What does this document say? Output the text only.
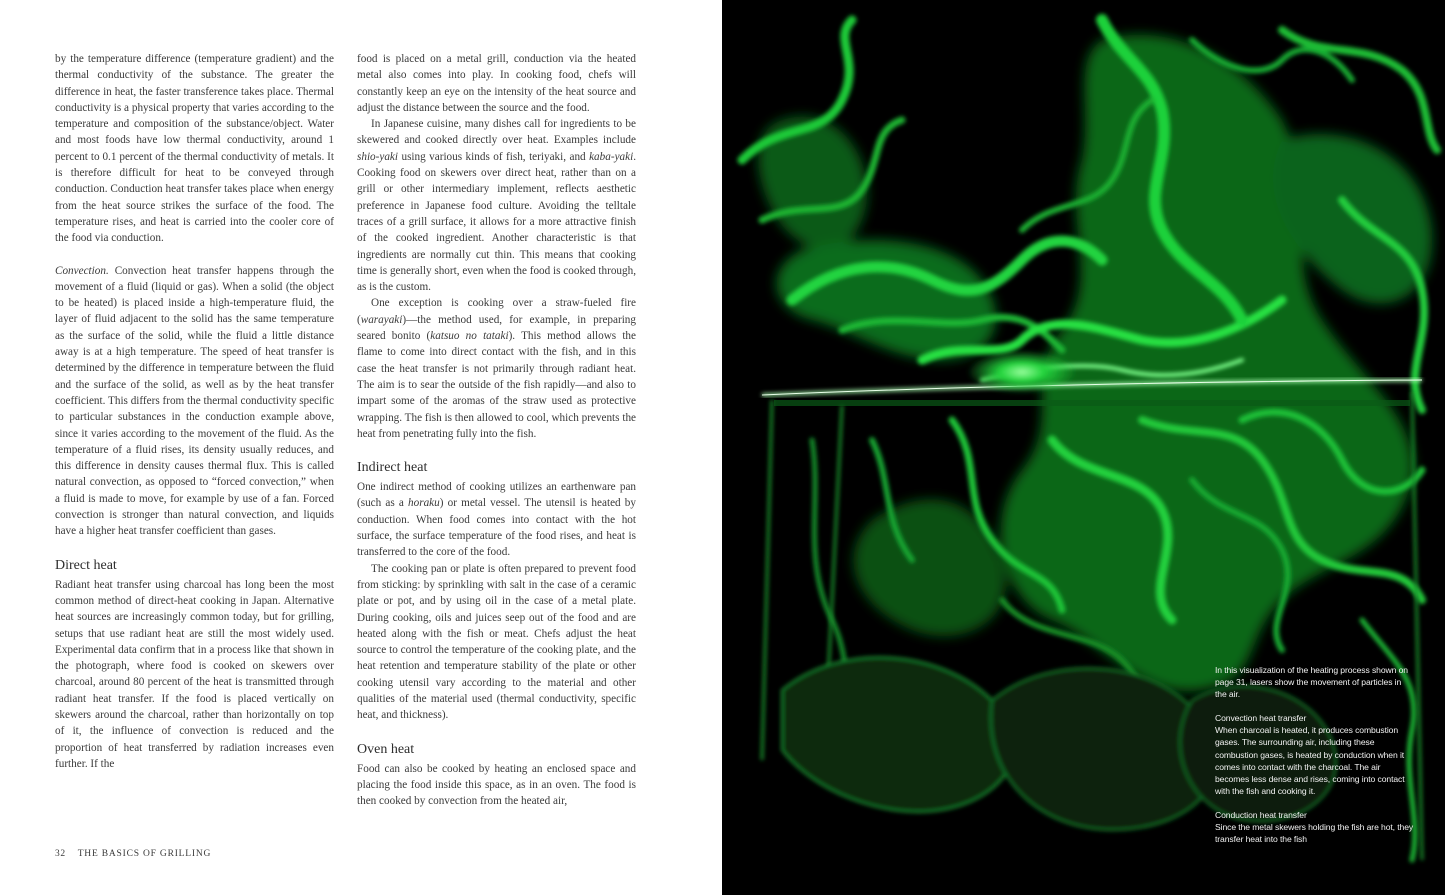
by the temperature difference (temperature gradient) and the thermal conductivity of the substance. The greater the difference in heat, the faster transference takes place. Thermal conductivity is a physical property that varies according to the temperature and composition of the substance/object. Water and most foods have low thermal conductivity, around 1 percent to 0.1 percent of the thermal conductivity of metals. It is therefore difficult for heat to be conveyed through conduction. Conduction heat transfer takes place when energy from the heat source strikes the surface of the food. The temperature rises, and heat is carried into the cooler core of the food via conduction.

Convection. Convection heat transfer happens through the movement of a fluid (liquid or gas). When a solid (the object to be heated) is placed inside a high-temperature fluid, the layer of fluid adjacent to the solid has the same temperature as the surface of the solid, while the fluid a little distance away is at a high temperature. The speed of heat transfer is determined by the difference in temperature between the fluid and the surface of the solid, as well as by the heat transfer coefficient. This differs from the thermal conductivity specific to particular substances in the conduction example above, since it varies according to the movement of the fluid. As the temperature of a fluid rises, its density usually reduces, and this difference in density causes thermal flux. This is called natural convection, as opposed to “forced convection,” when a fluid is made to move, for example by use of a fan. Forced convection is stronger than natural convection, and liquids have a higher heat transfer coefficient than gases.

Direct heat

Radiant heat transfer using charcoal has long been the most common method of direct-heat cooking in Japan. Alternative heat sources are increasingly common today, but for grilling, setups that use radiant heat are still the most widely used. Experimental data confirm that in a process like that shown in the photograph, where food is cooked on skewers over charcoal, around 80 percent of the heat is transmitted through radiant heat transfer. If the food is placed vertically on skewers around the charcoal, rather than horizontally on top of it, the influence of convection is reduced and the proportion of heat transferred by radiation increases even further. If the

food is placed on a metal grill, conduction via the heated metal also comes into play. In cooking food, chefs will constantly keep an eye on the intensity of the heat source and adjust the distance between the source and the food.

In Japanese cuisine, many dishes call for ingredients to be skewered and cooked directly over heat. Examples include shio-yaki using various kinds of fish, teriyaki, and kaba-yaki. Cooking food on skewers over direct heat, rather than on a grill or other intermediary implement, reflects aesthetic preference in Japanese food culture. Avoiding the telltale traces of a grill surface, it allows for a more attractive finish of the cooked ingredient. Another characteristic is that ingredients are normally cut thin. This means that cooking time is generally short, even when the food is cooked through, as is the custom.

One exception is cooking over a straw-fueled fire (warayaki)—the method used, for example, in preparing seared bonito (katsuo no tataki). This method allows the flame to come into direct contact with the fish, and in this case the heat transfer is not primarily through radiant heat. The aim is to sear the outside of the fish rapidly—and also to impart some of the aromas of the straw used as protective wrapping. The fish is then allowed to cool, which prevents the heat from penetrating fully into the fish.

Indirect heat

One indirect method of cooking utilizes an earthenware pan (such as a horaku) or metal vessel. The utensil is heated by conduction. When food comes into contact with the hot surface, the surface temperature of the food rises, and heat is transferred to the core of the food.

The cooking pan or plate is often prepared to prevent food from sticking: by sprinkling with salt in the case of a ceramic plate or pot, and by using oil in the case of a metal plate. During cooking, oils and juices seep out of the food and are heated along with the fish or meat. Chefs adjust the heat source to control the temperature of the cooking plate, and the heat retention and temperature stability of the plate or other cooking utensil vary according to the material and other qualities of the material used (thermal conductivity, specific heat, and thickness).

Oven heat

Food can also be cooked by heating an enclosed space and placing the food inside this space, as in an oven. The food is then cooked by convection from the heated air,

32 THE BASICS OF GRILLING

In this visualization of the heating process shown on page 31, lasers show the movement of particles in the air.

Convection heat transfer

When charcoal is heated, it produces combustion gases. The surrounding air, including these combustion gases, is heated by conduction when it comes into contact with the charcoal. The air becomes less dense and rises, coming into contact with the fish and cooking it.

Conduction heat transfer

Since the metal skewers holding the fish are hot, they transfer heat into the fish
